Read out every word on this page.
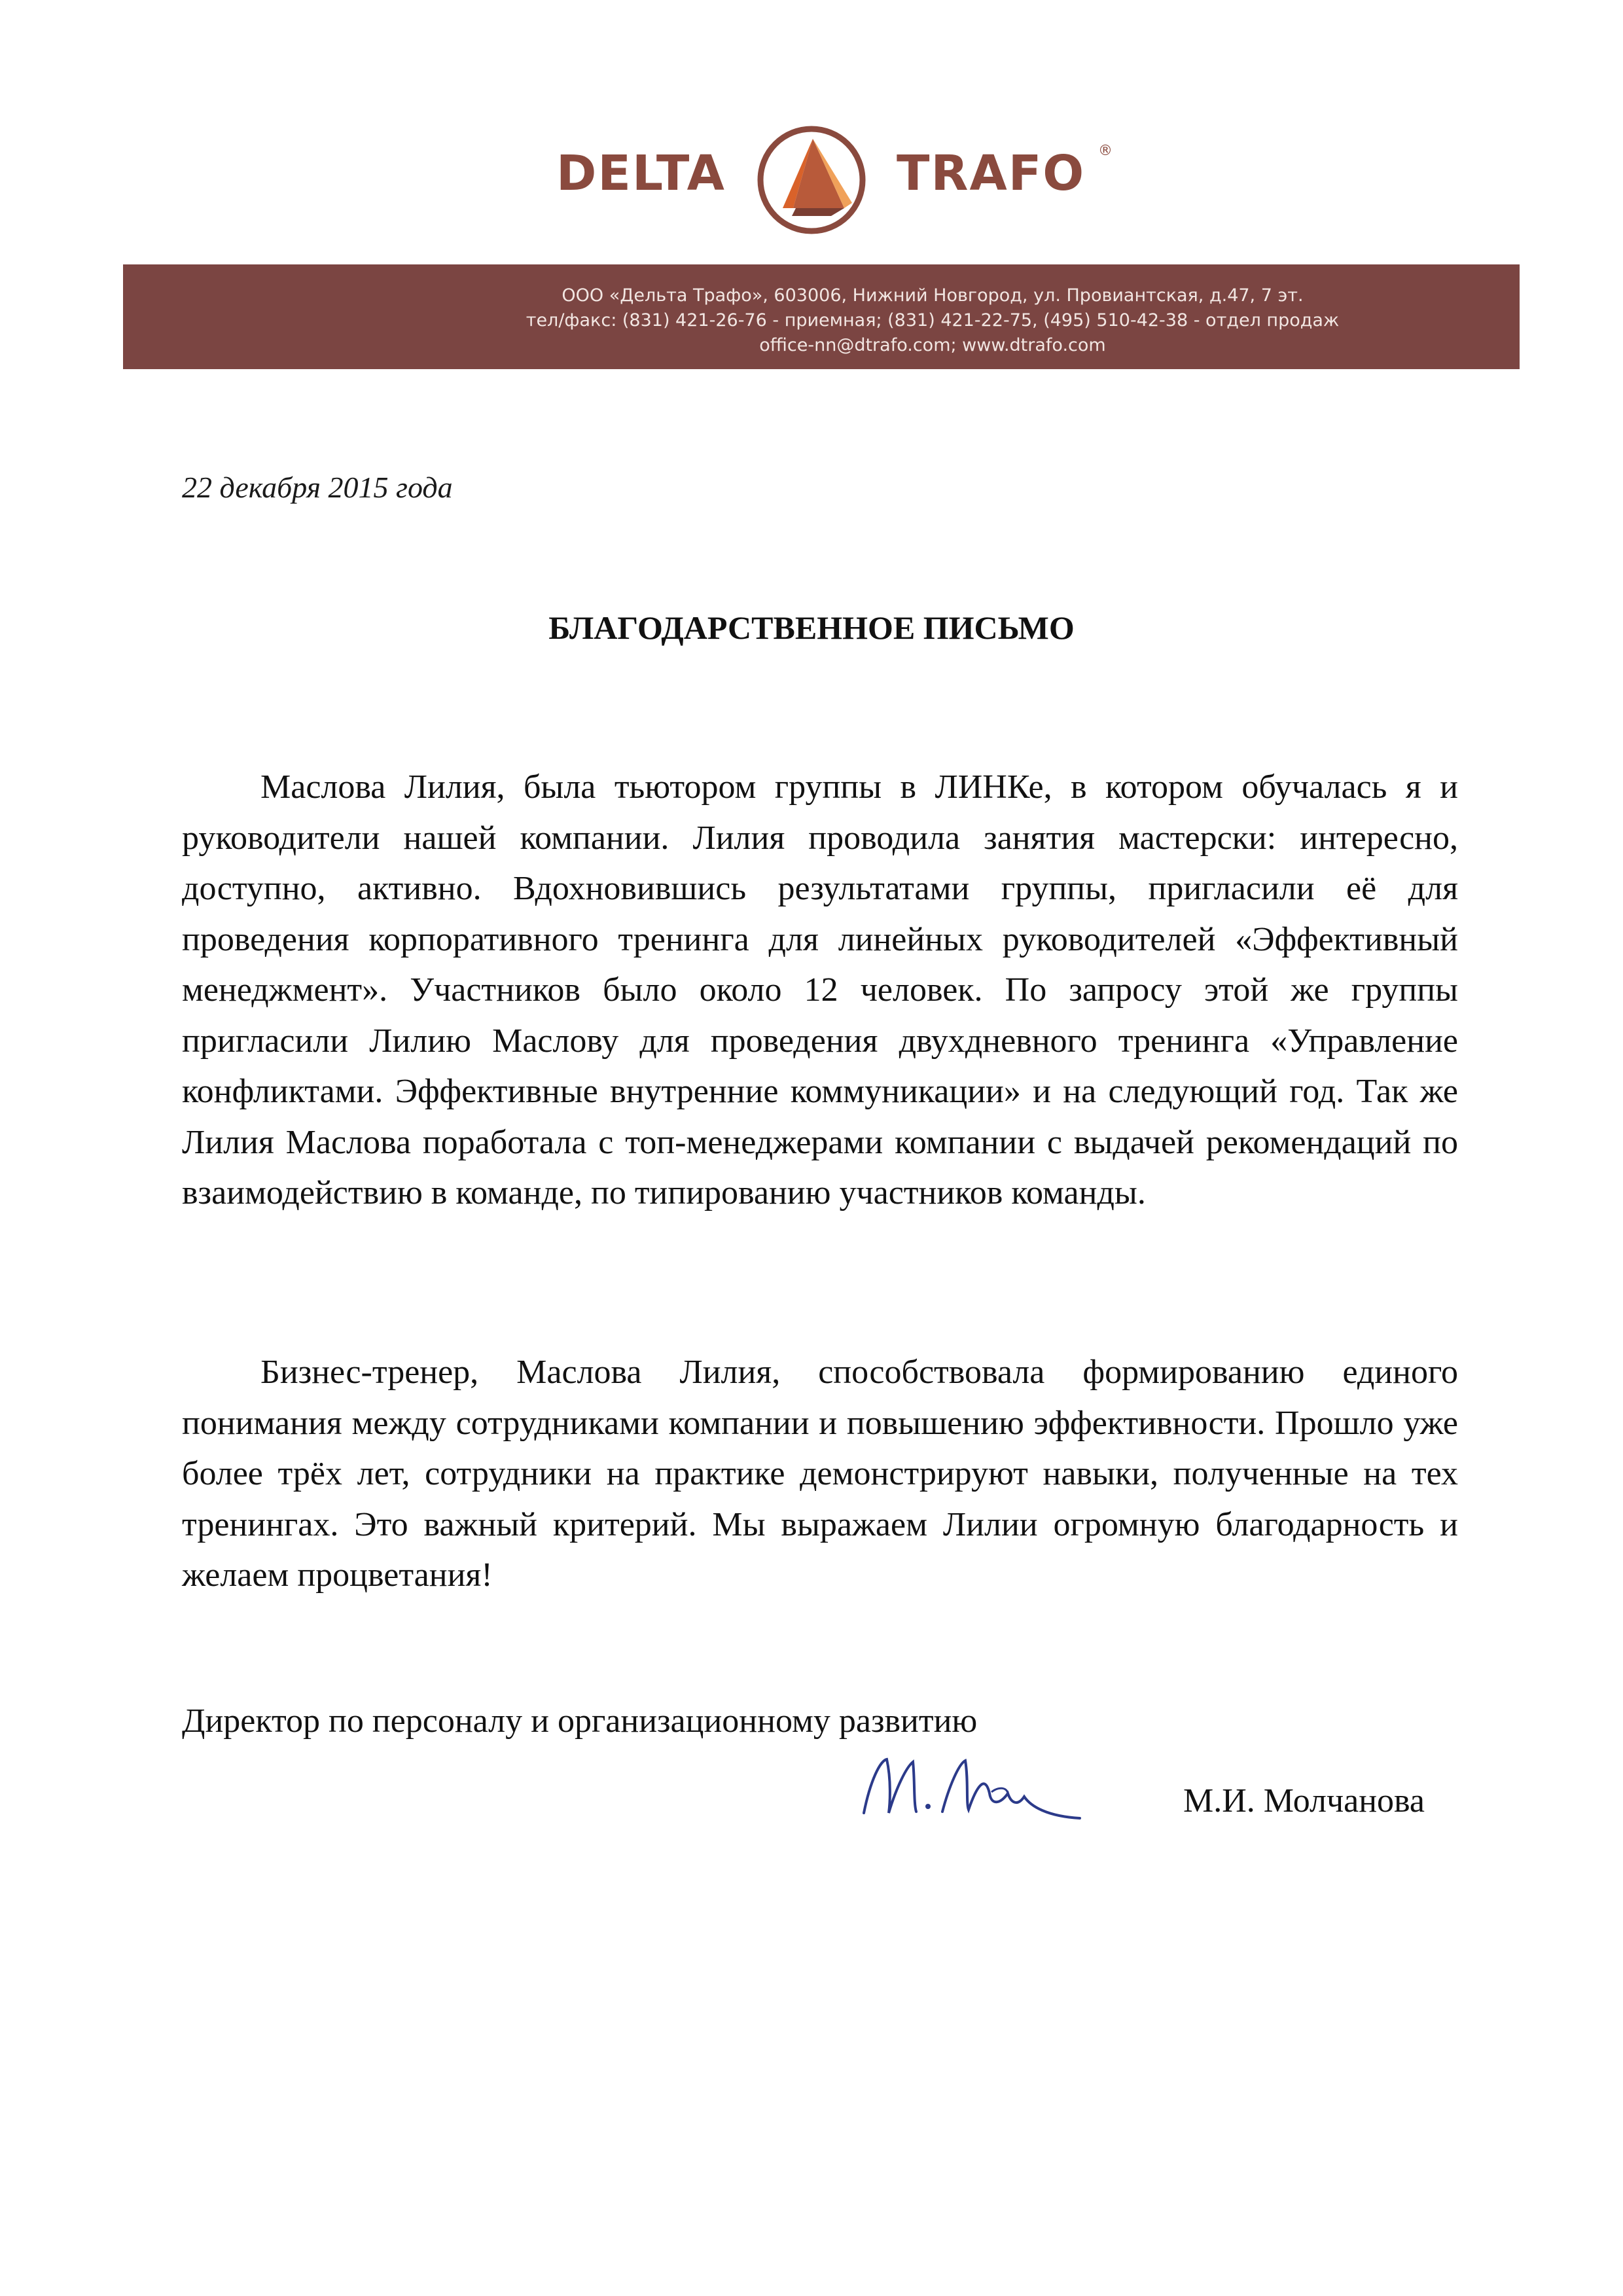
DELTA	TRAFO ®
ООО «Дельта Трафо», 603006, Нижний Новгород, ул. Провиантская, д.47, 7 эт.
тел/факс: (831) 421-26-76 - приемная; (831) 421-22-75, (495) 510-42-38 - отдел продаж
office-nn@dtrafo.com; www.dtrafo.com
22 декабря 2015 года
БЛАГОДАРСТВЕННОЕ ПИСЬМО
Маслова Лилия, была тьютором группы в ЛИНКе, в котором обучалась я и руководители нашей компании. Лилия проводила занятия мастерски: интересно, доступно, активно. Вдохновившись результатами группы, пригласили её для проведения корпоративного тренинга для линейных руководителей «Эффективный менеджмент». Участников было около 12 человек. По запросу этой же группы пригласили Лилию Маслову для проведения двухдневного тренинга «Управление конфликтами. Эффективные внутренние коммуникации» и на следующий год. Так же Лилия Маслова поработала с топ-менеджерами компании с выдачей рекомендаций по взаимодействию в команде, по типированию участников команды.
Бизнес-тренер, Маслова Лилия, способствовала формированию единого понимания между сотрудниками компании и повышению эффективности. Прошло уже более трёх лет, сотрудники на практике демонстрируют навыки, полученные на тех тренингах. Это важный критерий. Мы выражаем Лилии огромную благодарность и желаем процветания!
Директор по персоналу и организационному развитию
М.И. Молчанова
